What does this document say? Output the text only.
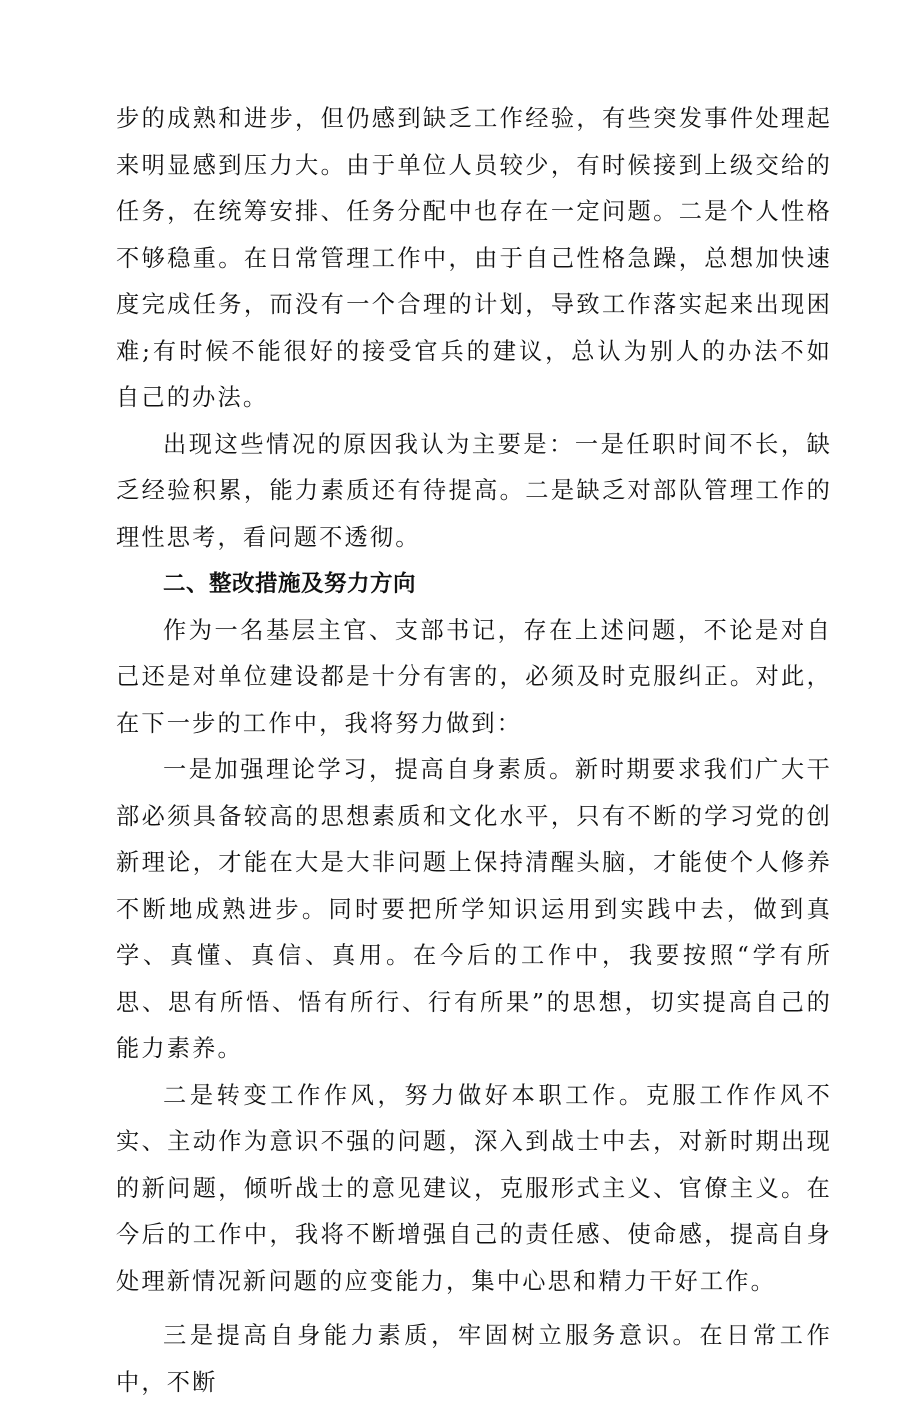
步的成熟和进步，但仍感到缺乏工作经验，有些突发事件处理起来明显感到压力大。由于单位人员较少，有时候接到上级交给的任务，在统筹安排、任务分配中也存在一定问题。二是个人性格不够稳重。在日常管理工作中，由于自己性格急躁，总想加快速度完成任务，而没有一个合理的计划，导致工作落实起来出现困难;有时候不能很好的接受官兵的建议，总认为别人的办法不如自己的办法。

出现这些情况的原因我认为主要是：一是任职时间不长，缺乏经验积累，能力素质还有待提高。二是缺乏对部队管理工作的理性思考，看问题不透彻。

二、整改措施及努力方向

作为一名基层主官、支部书记，存在上述问题，不论是对自己还是对单位建设都是十分有害的，必须及时克服纠正。对此，在下一步的工作中，我将努力做到：

一是加强理论学习，提高自身素质。新时期要求我们广大干部必须具备较高的思想素质和文化水平，只有不断的学习党的创新理论，才能在大是大非问题上保持清醒头脑，才能使个人修养不断地成熟进步。同时要把所学知识运用到实践中去，做到真学、真懂、真信、真用。在今后的工作中，我要按照“学有所思、思有所悟、悟有所行、行有所果”的思想，切实提高自己的能力素养。

二是转变工作作风，努力做好本职工作。克服工作作风不实、主动作为意识不强的问题，深入到战士中去，对新时期出现的新问题，倾听战士的意见建议，克服形式主义、官僚主义。在今后的工作中，我将不断增强自己的责任感、使命感，提高自身处理新情况新问题的应变能力，集中心思和精力干好工作。

三是提高自身能力素质，牢固树立服务意识。在日常工作中，不断
